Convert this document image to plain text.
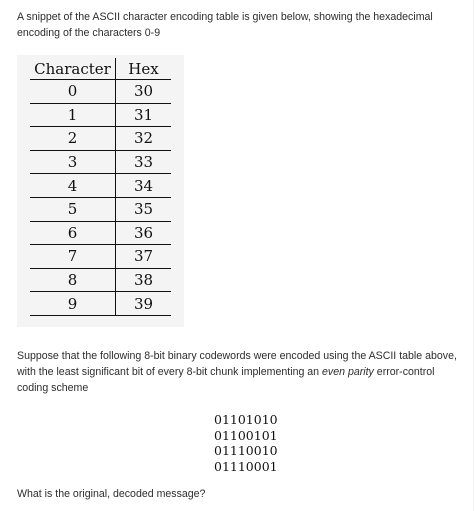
A snippet of the ASCII character encoding table is given below, showing the hexadecimal encoding of the characters 0-9
Character	Hex
0	30
1	31
2	32
3	33
4	34
5	35
6	36
7	37
8	38
9	39
Suppose that the following 8-bit binary codewords were encoded using the ASCII table above, with the least significant bit of every 8-bit chunk implementing an even parity error-control coding scheme
01101010
01100101
01110010
01110001
What is the original, decoded message?
